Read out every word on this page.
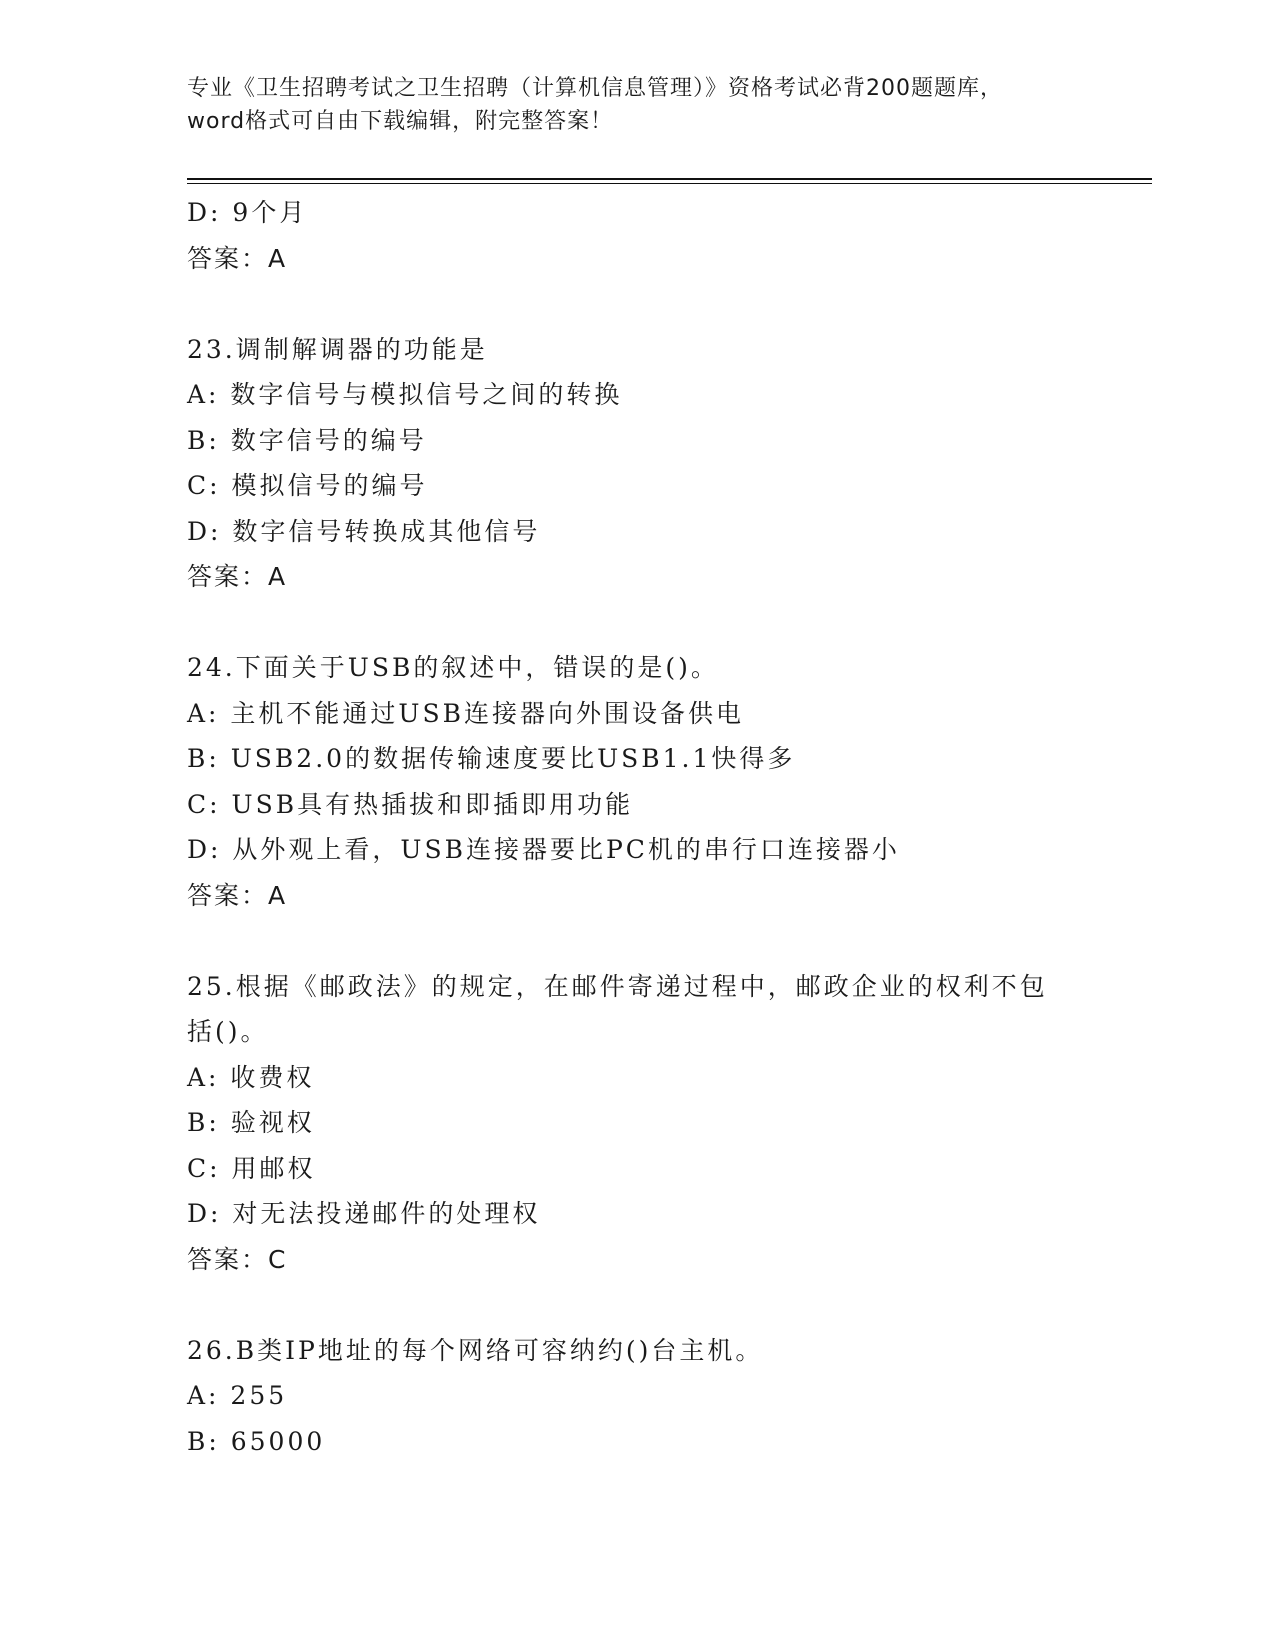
专业《卫生招聘考试之卫生招聘（计算机信息管理）》资格考试必背200题题库，
word格式可自由下载编辑，附完整答案！
D: 9个月
答案：A
23.调制解调器的功能是
A: 数字信号与模拟信号之间的转换
B: 数字信号的编号
C: 模拟信号的编号
D: 数字信号转换成其他信号
答案：A
24.下面关于USB的叙述中，错误的是()。
A: 主机不能通过USB连接器向外围设备供电
B: USB2.0的数据传输速度要比USB1.1快得多
C: USB具有热插拔和即插即用功能
D: 从外观上看，USB连接器要比PC机的串行口连接器小
答案：A
25.根据《邮政法》的规定，在邮件寄递过程中，邮政企业的权利不包
括()。
A: 收费权
B: 验视权
C: 用邮权
D: 对无法投递邮件的处理权
答案：C
26.B类IP地址的每个网络可容纳约()台主机。
A: 255
B: 65000
